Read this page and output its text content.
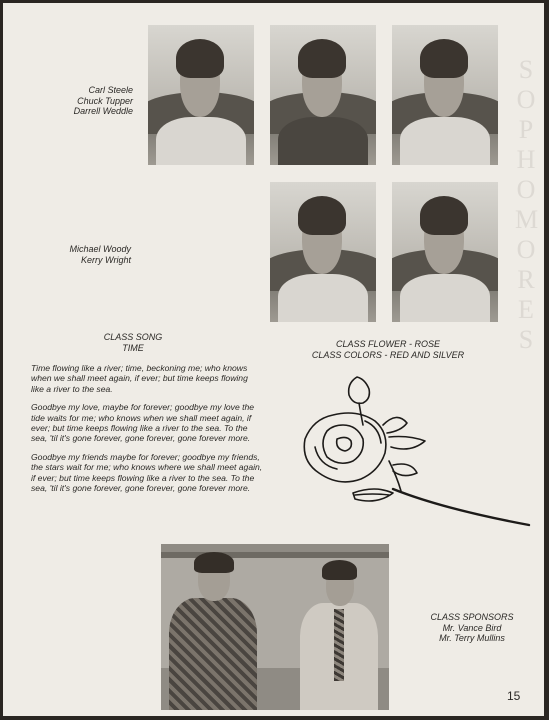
S
O
P
H
O
M
O
R
E
S
Carl Steele
Chuck Tupper
Darrell Weddle
Michael Woody
Kerry Wright
CLASS SONG
TIME

Time flowing like a river; time, beckoning me; who knows when we shall meet again, if ever; but time keeps flowing like a river to the sea.

Goodbye my love, maybe for forever; goodbye my love the tide waits for me; who knows when we shall meet again, if ever; but time keeps flowing like a river to the sea. To the sea, 'til it's gone forever, gone forever, gone forever more.

Goodbye my friends maybe for forever; goodbye my friends, the stars wait for me; who knows where we shall meet again, if ever; but time keeps flowing like a river to the sea. To the sea, 'til it's gone forever, gone forever, gone forever more.

CLASS FLOWER - ROSE
CLASS COLORS - RED AND SILVER
CLASS SPONSORS
Mr. Vance Bird
Mr. Terry Mullins
15
